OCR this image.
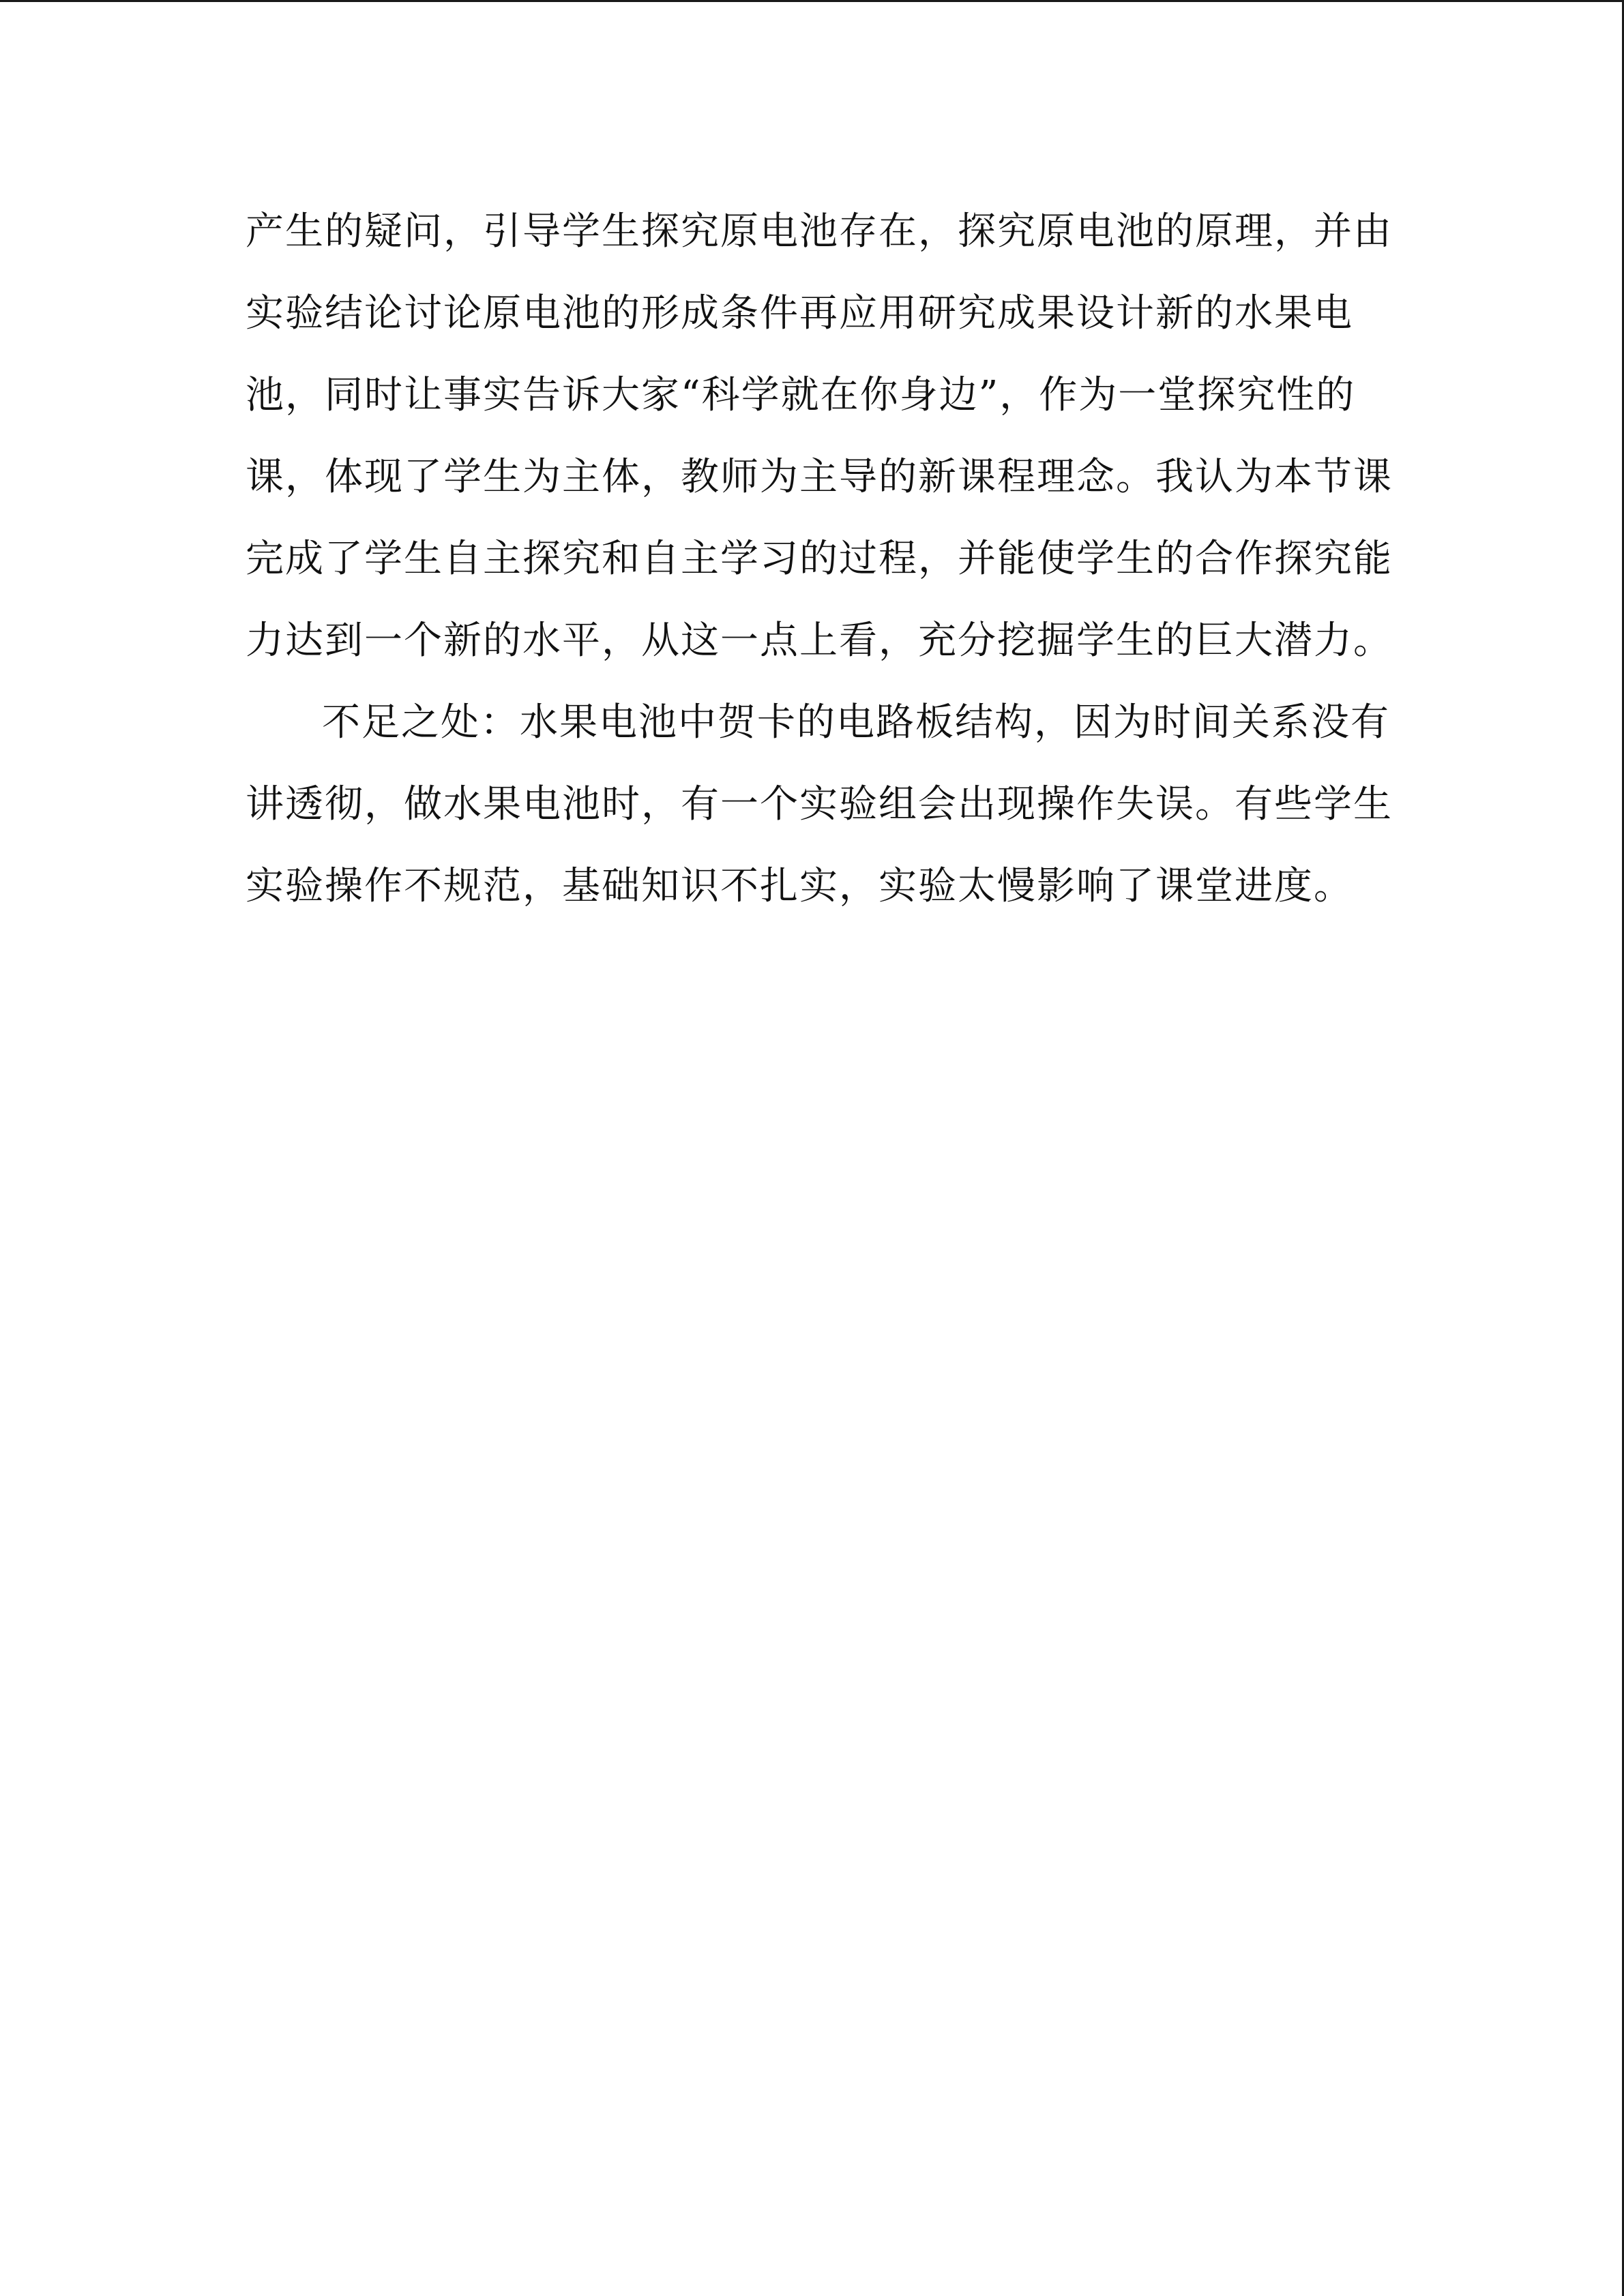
产生的疑问，引导学生探究原电池存在，探究原电池的原理，并由
实验结论讨论原电池的形成条件再应用研究成果设计新的水果电
池，同时让事实告诉大家“科学就在你身边”，作为一堂探究性的
课，体现了学生为主体，教师为主导的新课程理念。我认为本节课
完成了学生自主探究和自主学习的过程，并能使学生的合作探究能
力达到一个新的水平，从这一点上看，充分挖掘学生的巨大潜力。
不足之处：水果电池中贺卡的电路板结构，因为时间关系没有
讲透彻，做水果电池时，有一个实验组会出现操作失误。有些学生
实验操作不规范，基础知识不扎实，实验太慢影响了课堂进度。
